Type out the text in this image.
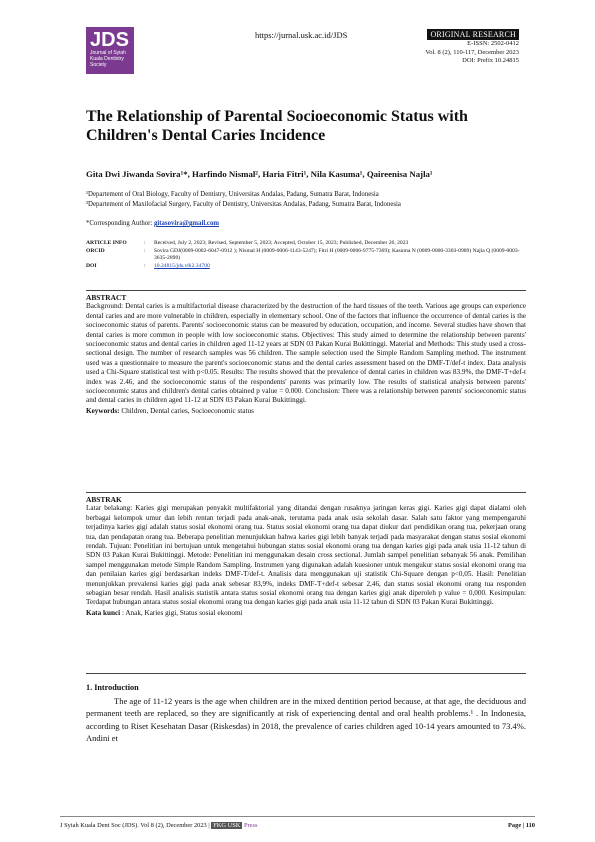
JDS
Journal of Syiah Kuala Dentistry Society
https://jurnal.usk.ac.id/JDS	ORIGINAL RESEARCH
E-ISSN: 2502-0412
Vol. 8 (2), 110-117, December 2023
DOI: Prefix 10.24815
The Relationship of Parental Socioeconomic Status with Children's Dental Caries Incidence
Gita Dwi Jiwanda Sovira¹*, Harfindo Nismal², Haria Fitri¹, Nila Kasuma¹, Qaireenisa Najla¹
¹Departement of Oral Biology, Faculty of Dentistry, Universitas Andalas, Padang, Sumatra Barat, Indonesia
²Departement of Maxilofacial Surgery, Faculty of Dentistry, Universitas Andalas, Padang, Sumatra Barat, Indonesia
*Corresponding Author: gitasovira@gmail.com
ARTICLE INFO	:	Received, July 2, 2023; Revised, September 5, 2023; Accepted, October 15, 2023; Published, December 26, 2023
ORCID	:	Sovira GDJ(0009-0002-6047-0912 ); Nismal H (0009-0006-1143-5247); Fitri H (0009-0006-9775-7369); Kasuma N (0009-0000-3303-0989) Najla Q (0009-0003-3635-2890)
DOI	:	10.24815/jds.v8i2.34700
ABSTRACT
Background: Dental caries is a multifactorial disease characterized by the destruction of the hard tissues of the teeth. Various age groups can experience dental caries and are more vulnerable in children, especially in elementary school. One of the factors that influence the occurrence of dental caries is the socioeconomic status of parents. Parents' socioeconomic status can be measured by education, occupation, and income. Several studies have shown that dental caries is more common in people with low socioeconomic status. Objectives: This study aimed to determine the relationship between parents' socioeconomic status and dental caries in children aged 11-12 years at SDN 03 Pakan Kurai Bukittinggi. Material and Methods: This study used a cross-sectional design. The number of research samples was 56 children. The sample selection used the Simple Random Sampling method. The instrument used was a questionnaire to measure the parent's socioeconomic status and the dental caries assessment based on the DMF-T/def-t index. Data analysis used a Chi-Square statistical test with p<0.05. Results: The results showed that the prevalence of dental caries in children was 83.9%, the DMF-T+def-t index was 2.46, and the socioeconomic status of the respondents' parents was primarily low. The results of statistical analysis between parents' socioeconomic status and children's dental caries obtained p value = 0.000. Conclusion: There was a relationship between parents' socioeconomic status and dental caries in children aged 11-12 at SDN 03 Pakan Kurai Bukittinggi.
Keywords: Children, Dental caries, Socioeconomic status
ABSTRAK
Latar belakang: Karies gigi merupakan penyakit multifaktorial yang ditandai dengan rusaknya jaringan keras gigi. Karies gigi dapat dialami oleh berbagai kelompok umur dan lebih rentan terjadi pada anak-anak, terutama pada anak usia sekolah dasar. Salah satu faktor yang mempengaruhi terjadinya karies gigi adalah status sosial ekonomi orang tua. Status sosial ekonomi orang tua dapat diukur dari pendidikan orang tua, pekerjaan orang tua, dan pendapatan orang tua. Beberapa penelitian menunjukkan bahwa karies gigi lebih banyak terjadi pada masyarakat dengan status sosial ekonomi rendah. Tujuan: Penelitian ini bertujuan untuk mengetahui hubungan status sosial ekonomi orang tua dengan karies gigi pada anak usia 11-12 tahun di SDN 03 Pakan Kurai Bukittinggi. Metode: Penelitian ini menggunakan desain cross sectional. Jumlah sampel penelitian sebanyak 56 anak. Pemilihan sampel menggunakan metode Simple Random Sampling. Instrumen yang digunakan adalah kuesioner untuk mengukur status sosial ekonomi orang tua dan penilaian karies gigi berdasarkan indeks DMF-T/def-t. Analisis data menggunakan uji statistik Chi-Square dengan p<0,05. Hasil: Penelitian menunjukkan prevalensi karies gigi pada anak sebesar 83,9%, indeks DMF-T+def-t sebesar 2,46, dan status sosial ekonomi orang tua responden sebagian besar rendah. Hasil analisis statistik antara status sosial ekonomi orang tua dengan karies gigi anak diperoleh p value = 0,000. Kesimpulan: Terdapat hubungan antara status sosial ekonomi orang tua dengan karies gigi pada anak usia 11-12 tahun di SDN 03 Pakan Kurai Bukittinggi.
Kata kunci : Anak, Karies gigi, Status sosial ekonomi
1. Introduction
The age of 11-12 years is the age when children are in the mixed dentition period because, at that age, the deciduous and permanent teeth are replaced, so they are significantly at risk of experiencing dental and oral health problems.¹ . In Indonesia, according to Riset Kesehatan Dasar (Riskesdas) in 2018, the prevalence of caries children aged 10-14 years amounted to 73.4%. Andini et
J Syiah Kuala Dent Soc (JDS). Vol 8 (2), December 2023 | FKG USK Press	Page | 110
